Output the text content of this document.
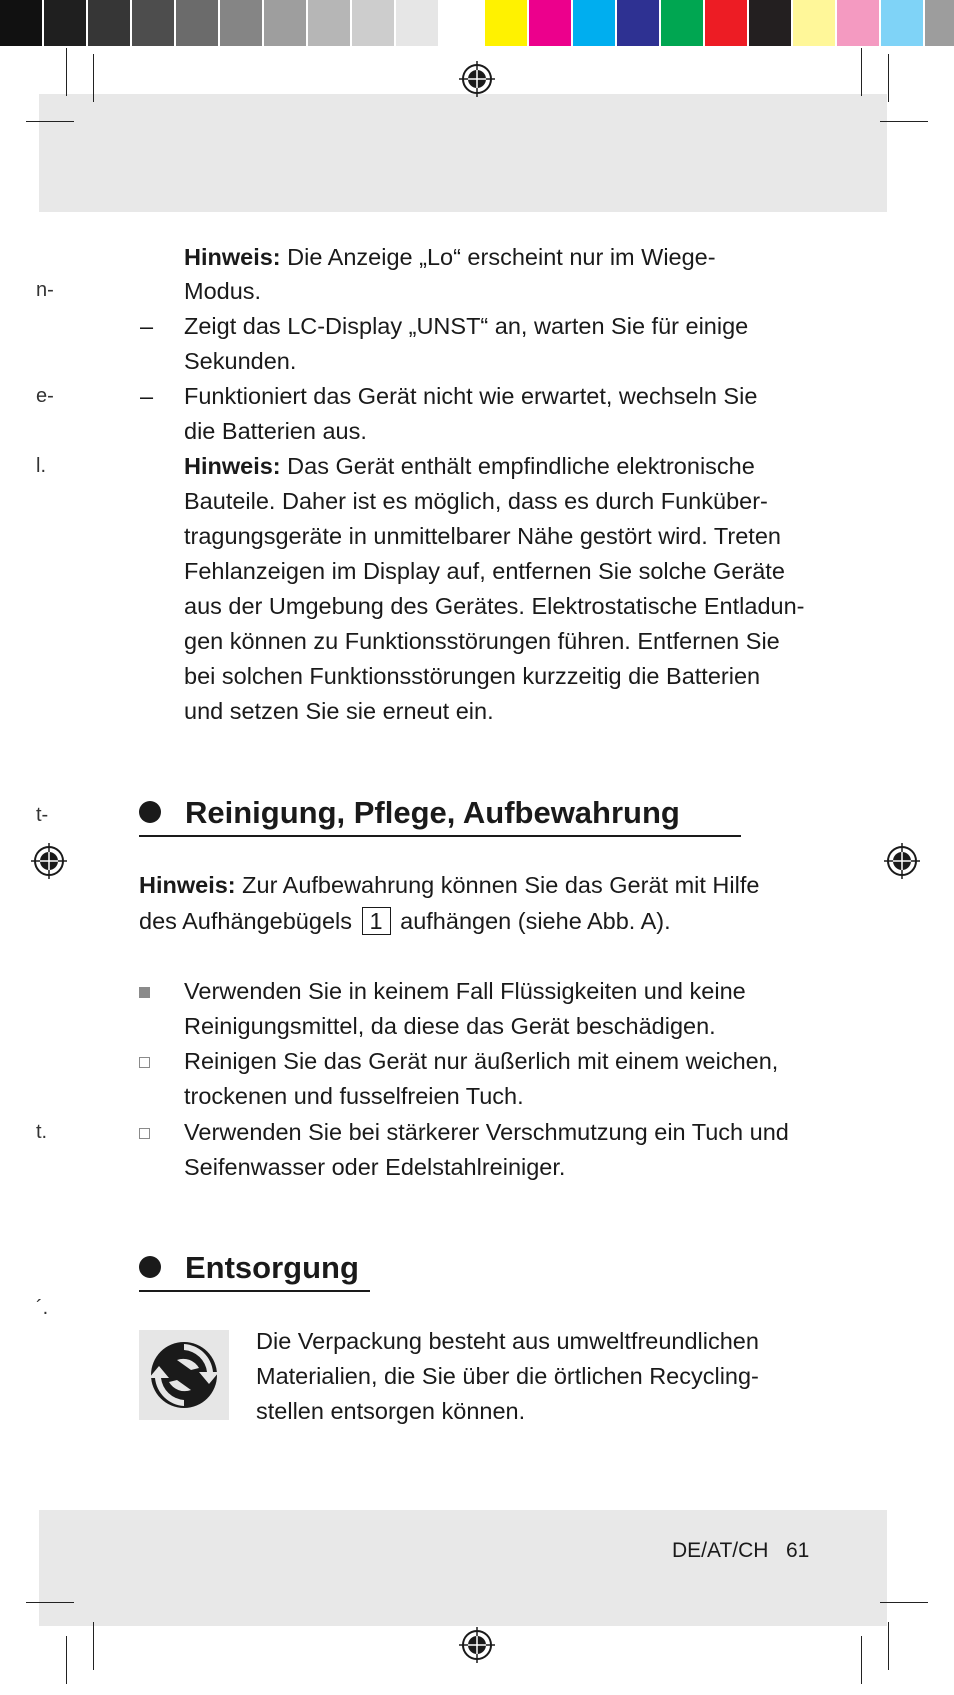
n-
e-
l.
t-
t.
´.
Hinweis: Die Anzeige „Lo“ erscheint nur im Wiege-
Modus.
– Zeigt das LC-Display „UNST“ an, warten Sie für einige
Sekunden.
– Funktioniert das Gerät nicht wie erwartet, wechseln Sie
die Batterien aus.
Hinweis: Das Gerät enthält empfindliche elektronische
Bauteile. Daher ist es möglich, dass es durch Funküber-
tragungsgeräte in unmittelbarer Nähe gestört wird. Treten
Fehlanzeigen im Display auf, entfernen Sie solche Geräte
aus der Umgebung des Gerätes. Elektrostatische Entladun-
gen können zu Funktionsstörungen führen. Entfernen Sie
bei solchen Funktionsstörungen kurzzeitig die Batterien
und setzen Sie sie erneut ein.
Reinigung, Pflege, Aufbewahrung
Hinweis: Zur Aufbewahrung können Sie das Gerät mit Hilfe
des Aufhängebügels 1 aufhängen (siehe Abb. A).
Verwenden Sie in keinem Fall Flüssigkeiten und keine
Reinigungsmittel, da diese das Gerät beschädigen.
Reinigen Sie das Gerät nur äußerlich mit einem weichen,
trockenen und fusselfreien Tuch.
Verwenden Sie bei stärkerer Verschmutzung ein Tuch und
Seifenwasser oder Edelstahlreiniger.
Entsorgung
Die Verpackung besteht aus umweltfreundlichen
Materialien, die Sie über die örtlichen Recycling-
stellen entsorgen können.
DE/AT/CH 61
